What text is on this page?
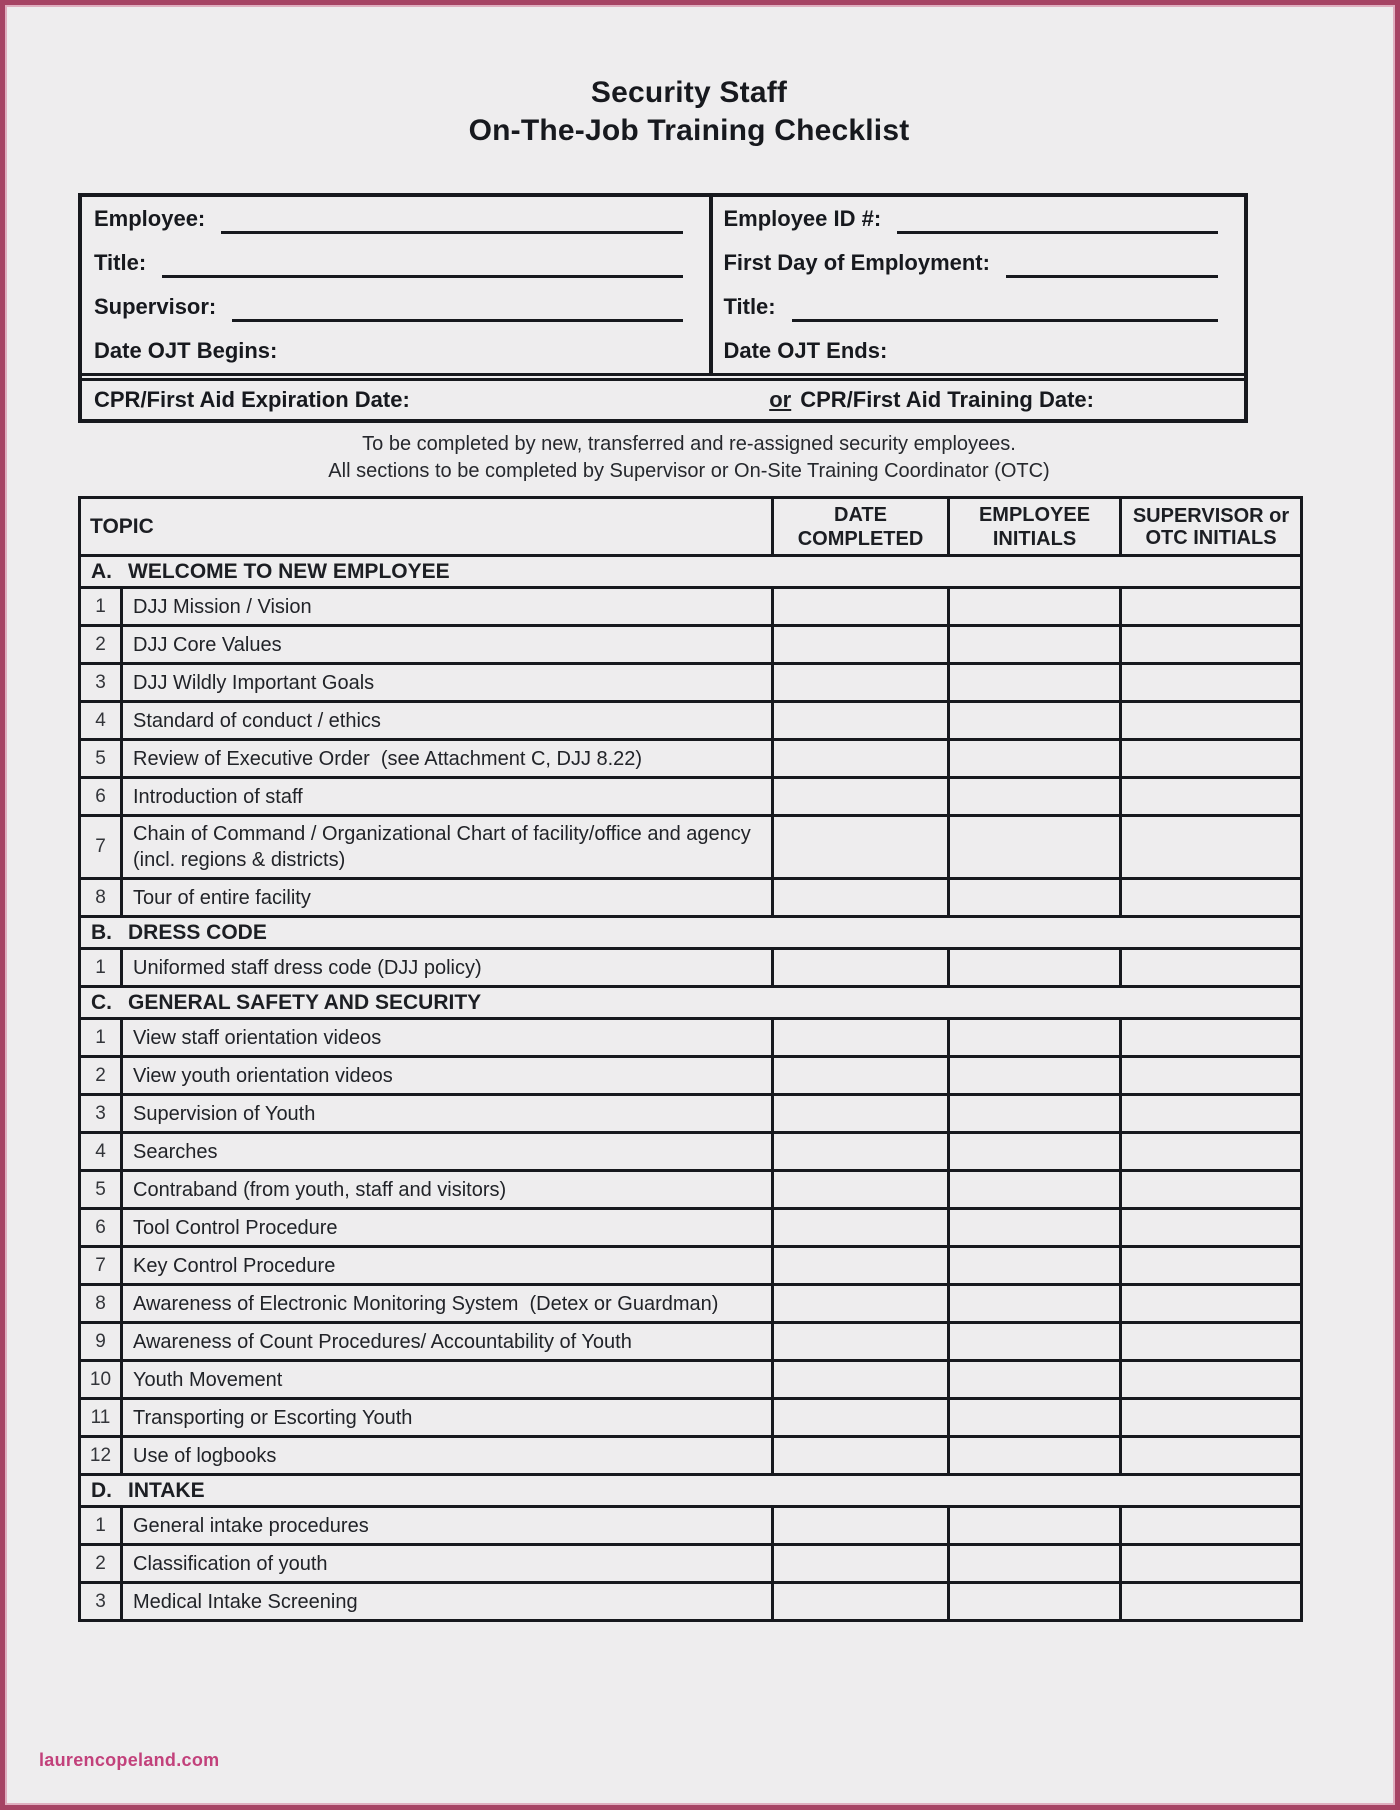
Security Staff
On-The-Job Training Checklist
Employee:	Employee ID #:
Title:	First Day of Employment:
Supervisor:	Title:
Date OJT Begins:	Date OJT Ends:
CPR/First Aid Expiration Date:	or CPR/First Aid Training Date:
To be completed by new, transferred and re-assigned security employees.
All sections to be completed by Supervisor or On-Site Training Coordinator (OTC)
TOPIC		DATE COMPLETED	EMPLOYEE INITIALS	SUPERVISOR or OTC INITIALS
A. WELCOME TO NEW EMPLOYEE				
1	DJJ Mission / Vision			
2	DJJ Core Values			
3	DJJ Wildly Important Goals			
4	Standard of conduct / ethics			
5	Review of Executive Order  (see Attachment C, DJJ 8.22)			
6	Introduction of staff			
7	Chain of Command / Organizational Chart of facility/office and agency (incl. regions & districts)			
8	Tour of entire facility			
B. DRESS CODE				
1	Uniformed staff dress code (DJJ policy)			
C. GENERAL SAFETY AND SECURITY				
1	View staff orientation videos			
2	View youth orientation videos			
3	Supervision of Youth			
4	Searches			
5	Contraband (from youth, staff and visitors)			
6	Tool Control Procedure			
7	Key Control Procedure			
8	Awareness of Electronic Monitoring System  (Detex or Guardman)			
9	Awareness of Count Procedures/ Accountability of Youth			
10	Youth Movement			
11	Transporting or Escorting Youth			
12	Use of logbooks			
D. INTAKE				
1	General intake procedures			
2	Classification of youth			
3	Medical Intake Screening			
laurencopeland.com
